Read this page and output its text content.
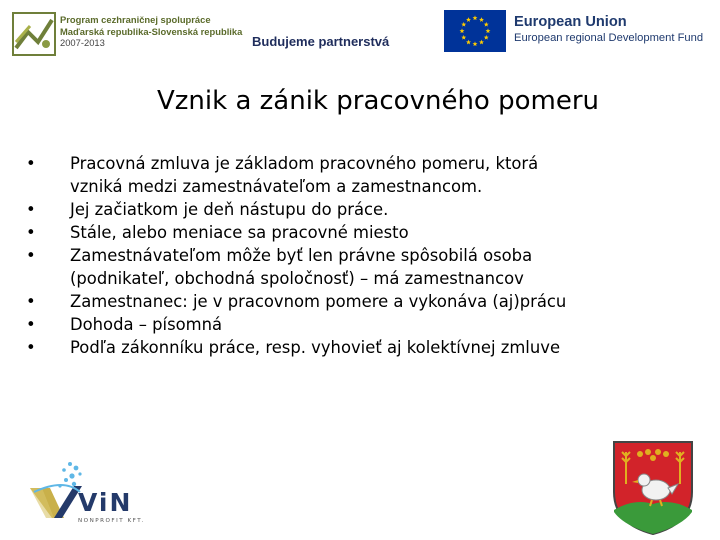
Program cezhraničnej spolupráce
Maďarská republika-Slovenská republika
2007-2013	Budujeme partnerstvá
European Union
European regional Development Fund
Vznik a zánik pracovného pomeru
•	Pracovná zmluva je základom pracovného pomeru, ktorá
vzniká medzi zamestnávateľom a zamestnancom.
•	Jej začiatkom je deň nástupu do práce.
•	Stále, alebo meniace sa pracovné miesto
•	Zamestnávateľom môže byť len právne spôsobilá osoba
(podnikateľ, obchodná spoločnosť) – má zamestnancov
•	Zamestnanec: je v pracovnom pomere a vykonáva (aj)prácu
•	Dohoda – písomná
•	Podľa zákonníku práce, resp. vyhovieť aj kolektívnej zmluve
ViN
NONPROFIT KFT.
